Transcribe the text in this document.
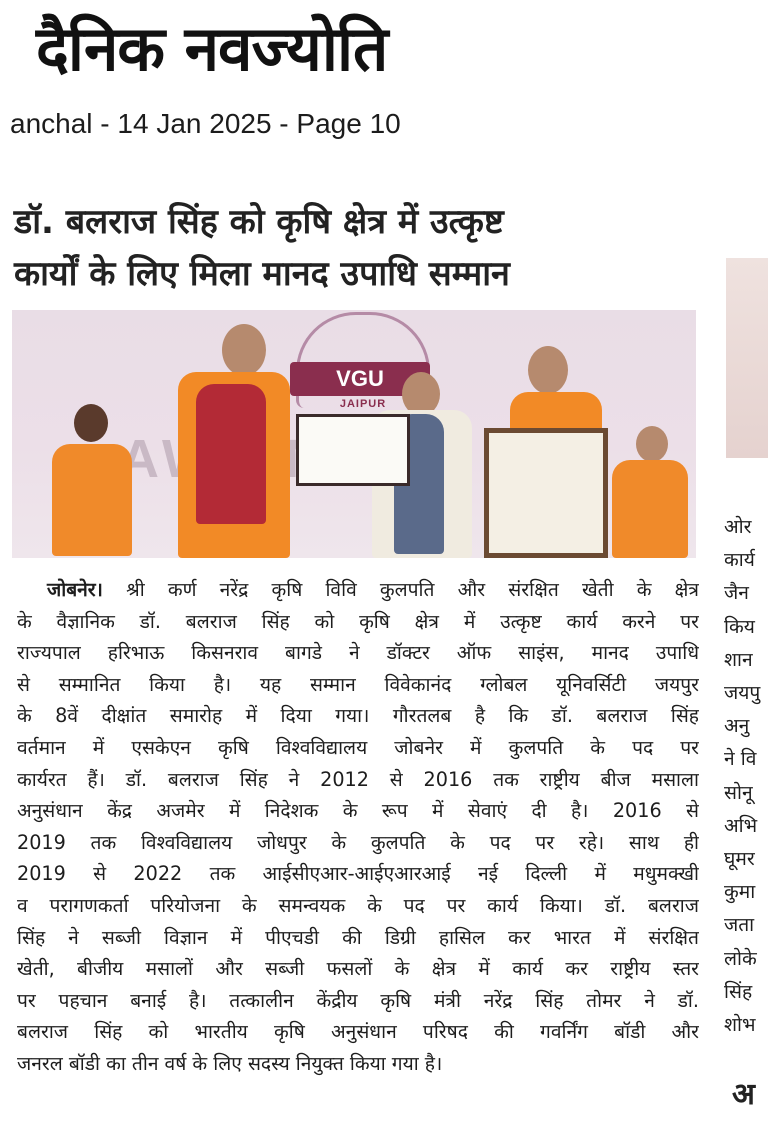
दैनिक नवज्योति
anchal - 14 Jan 2025 - Page 10
डॉ. बलराज सिंह को कृषि क्षेत्र में उत्कृष्ट
कार्यों के लिए मिला मानद उपाधि सम्मान
VGU
JAIPUR
जोबनेर। श्री कर्ण नरेंद्र कृषि विवि कुलपति और संरक्षित खेती के क्षेत्र
के वैज्ञानिक डॉ. बलराज सिंह को कृषि क्षेत्र में उत्कृष्ट कार्य करने पर
राज्यपाल हरिभाऊ किसनराव बागडे ने डॉक्टर ऑफ साइंस, मानद उपाधि
से सम्मानित किया है। यह सम्मान विवेकानंद ग्लोबल यूनिवर्सिटी जयपुर
के 8वें दीक्षांत समारोह में दिया गया। गौरतलब है कि डॉ. बलराज सिंह
वर्तमान में एसकेएन कृषि विश्वविद्यालय जोबनेर में कुलपति के पद पर
कार्यरत हैं। डॉ. बलराज सिंह ने 2012 से 2016 तक राष्ट्रीय बीज मसाला
अनुसंधान केंद्र अजमेर में निदेशक के रूप में सेवाएं दी है। 2016 से
2019 तक विश्वविद्यालय जोधपुर के कुलपति के पद पर रहे। साथ ही
2019 से 2022 तक आईसीएआर-आईएआरआई नई दिल्ली में मधुमक्खी
व परागणकर्ता परियोजना के समन्वयक के पद पर कार्य किया। डॉ. बलराज
सिंह ने सब्जी विज्ञान में पीएचडी की डिग्री हासिल कर भारत में संरक्षित
खेती, बीजीय मसालों और सब्जी फसलों के क्षेत्र में कार्य कर राष्ट्रीय स्तर
पर पहचान बनाई है। तत्कालीन केंद्रीय कृषि मंत्री नरेंद्र सिंह तोमर ने डॉ.
बलराज सिंह को भारतीय कृषि अनुसंधान परिषद की गवर्निंग बॉडी और
जनरल बॉडी का तीन वर्ष के लिए सदस्य नियुक्त किया गया है।
ओर
कार्य
जैन
किय
शान
जयपु
अनु
ने वि
सोनू
अभि
घूमर
कुमा
जता
लोके
सिंह
शोभ
अ
